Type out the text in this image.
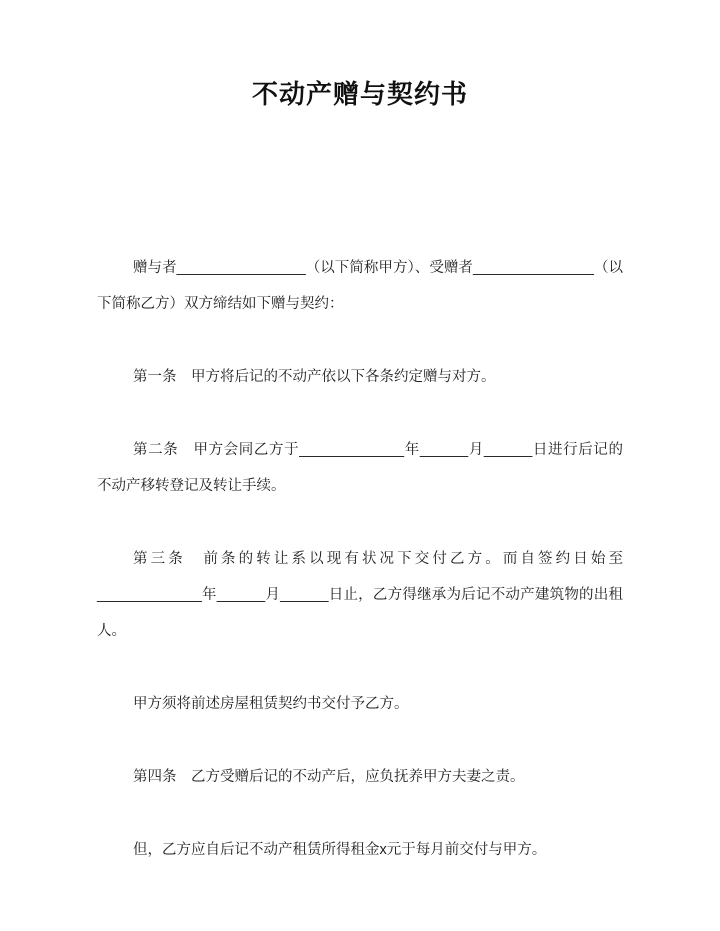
不动产赠与契约书

赠与者________________（以下简称甲方）、受赠者_______________（以下简称乙方）双方缔结如下赠与契约：

第一条　甲方将后记的不动产依以下各条约定赠与对方。

第二条　甲方会同乙方于_____________年______月______日进行后记的不动产移转登记及转让手续。

第三条　前条的转让系以现有状况下交付乙方。而自签约日始至_____________年______月______日止，乙方得继承为后记不动产建筑物的出租人。

甲方须将前述房屋租赁契约书交付予乙方。

第四条　乙方受赠后记的不动产后，应负抚养甲方夫妻之责。

但，乙方应自后记不动产租赁所得租金x元于每月前交付与甲方。
